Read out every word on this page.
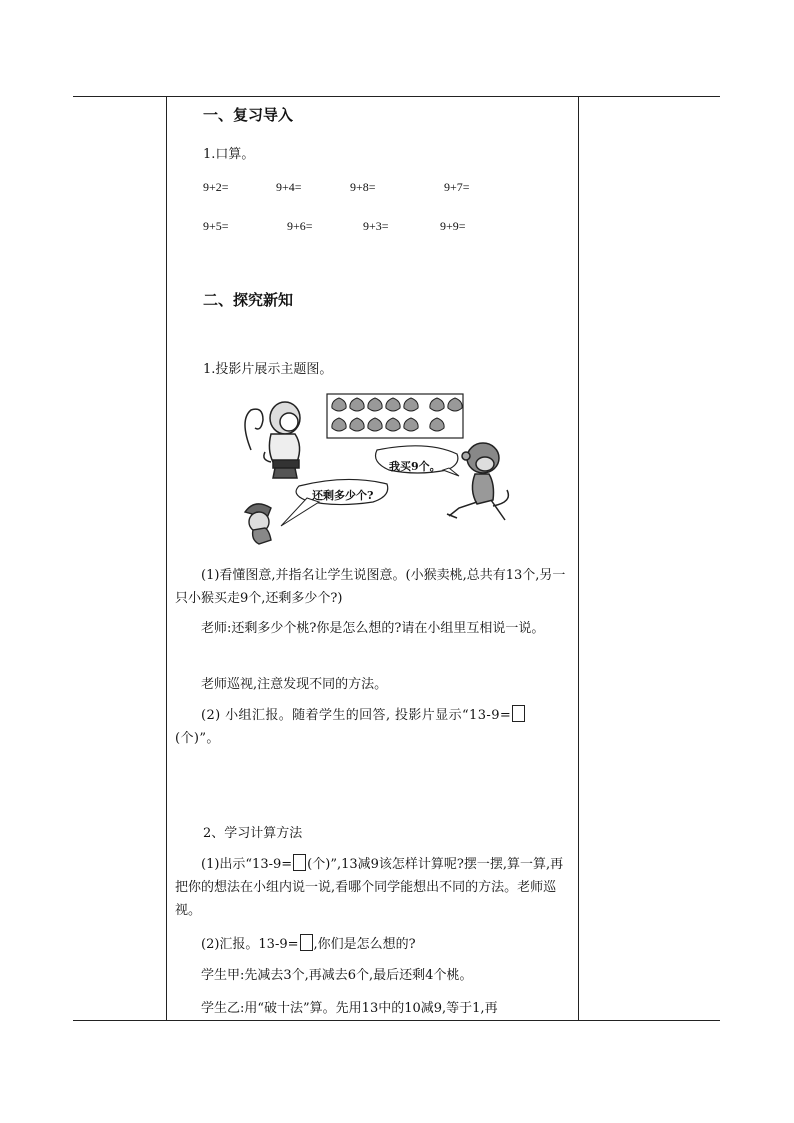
一、复习导入
1.口算。
9+2=	9+4=	9+8=	9+7=
9+5=	9+6=	9+3=	9+9=
二、探究新知
1.投影片展示主题图。
我买9个。
还剩多少个?
(1)看懂图意,并指名让学生说图意。(小猴卖桃,总共有13个,另一只小猴买走9个,还剩多少个?)
老师:还剩多少个桃?你是怎么想的?请在小组里互相说一说。
老师巡视,注意发现不同的方法。
(2) 小组汇报。随着学生的回答, 投影片显示“13-9=
(个)”。
2、学习计算方法
(1)出示“13-9= (个)”,13减9该怎样计算呢?摆一摆,算一算,再把你的想法在小组内说一说,看哪个同学能想出不同的方法。老师巡视。
(2)汇报。13-9= ,你们是怎么想的?
学生甲:先减去3个,再减去6个,最后还剩4个桃。
学生乙:用“破十法”算。先用13中的10减9,等于1,再
